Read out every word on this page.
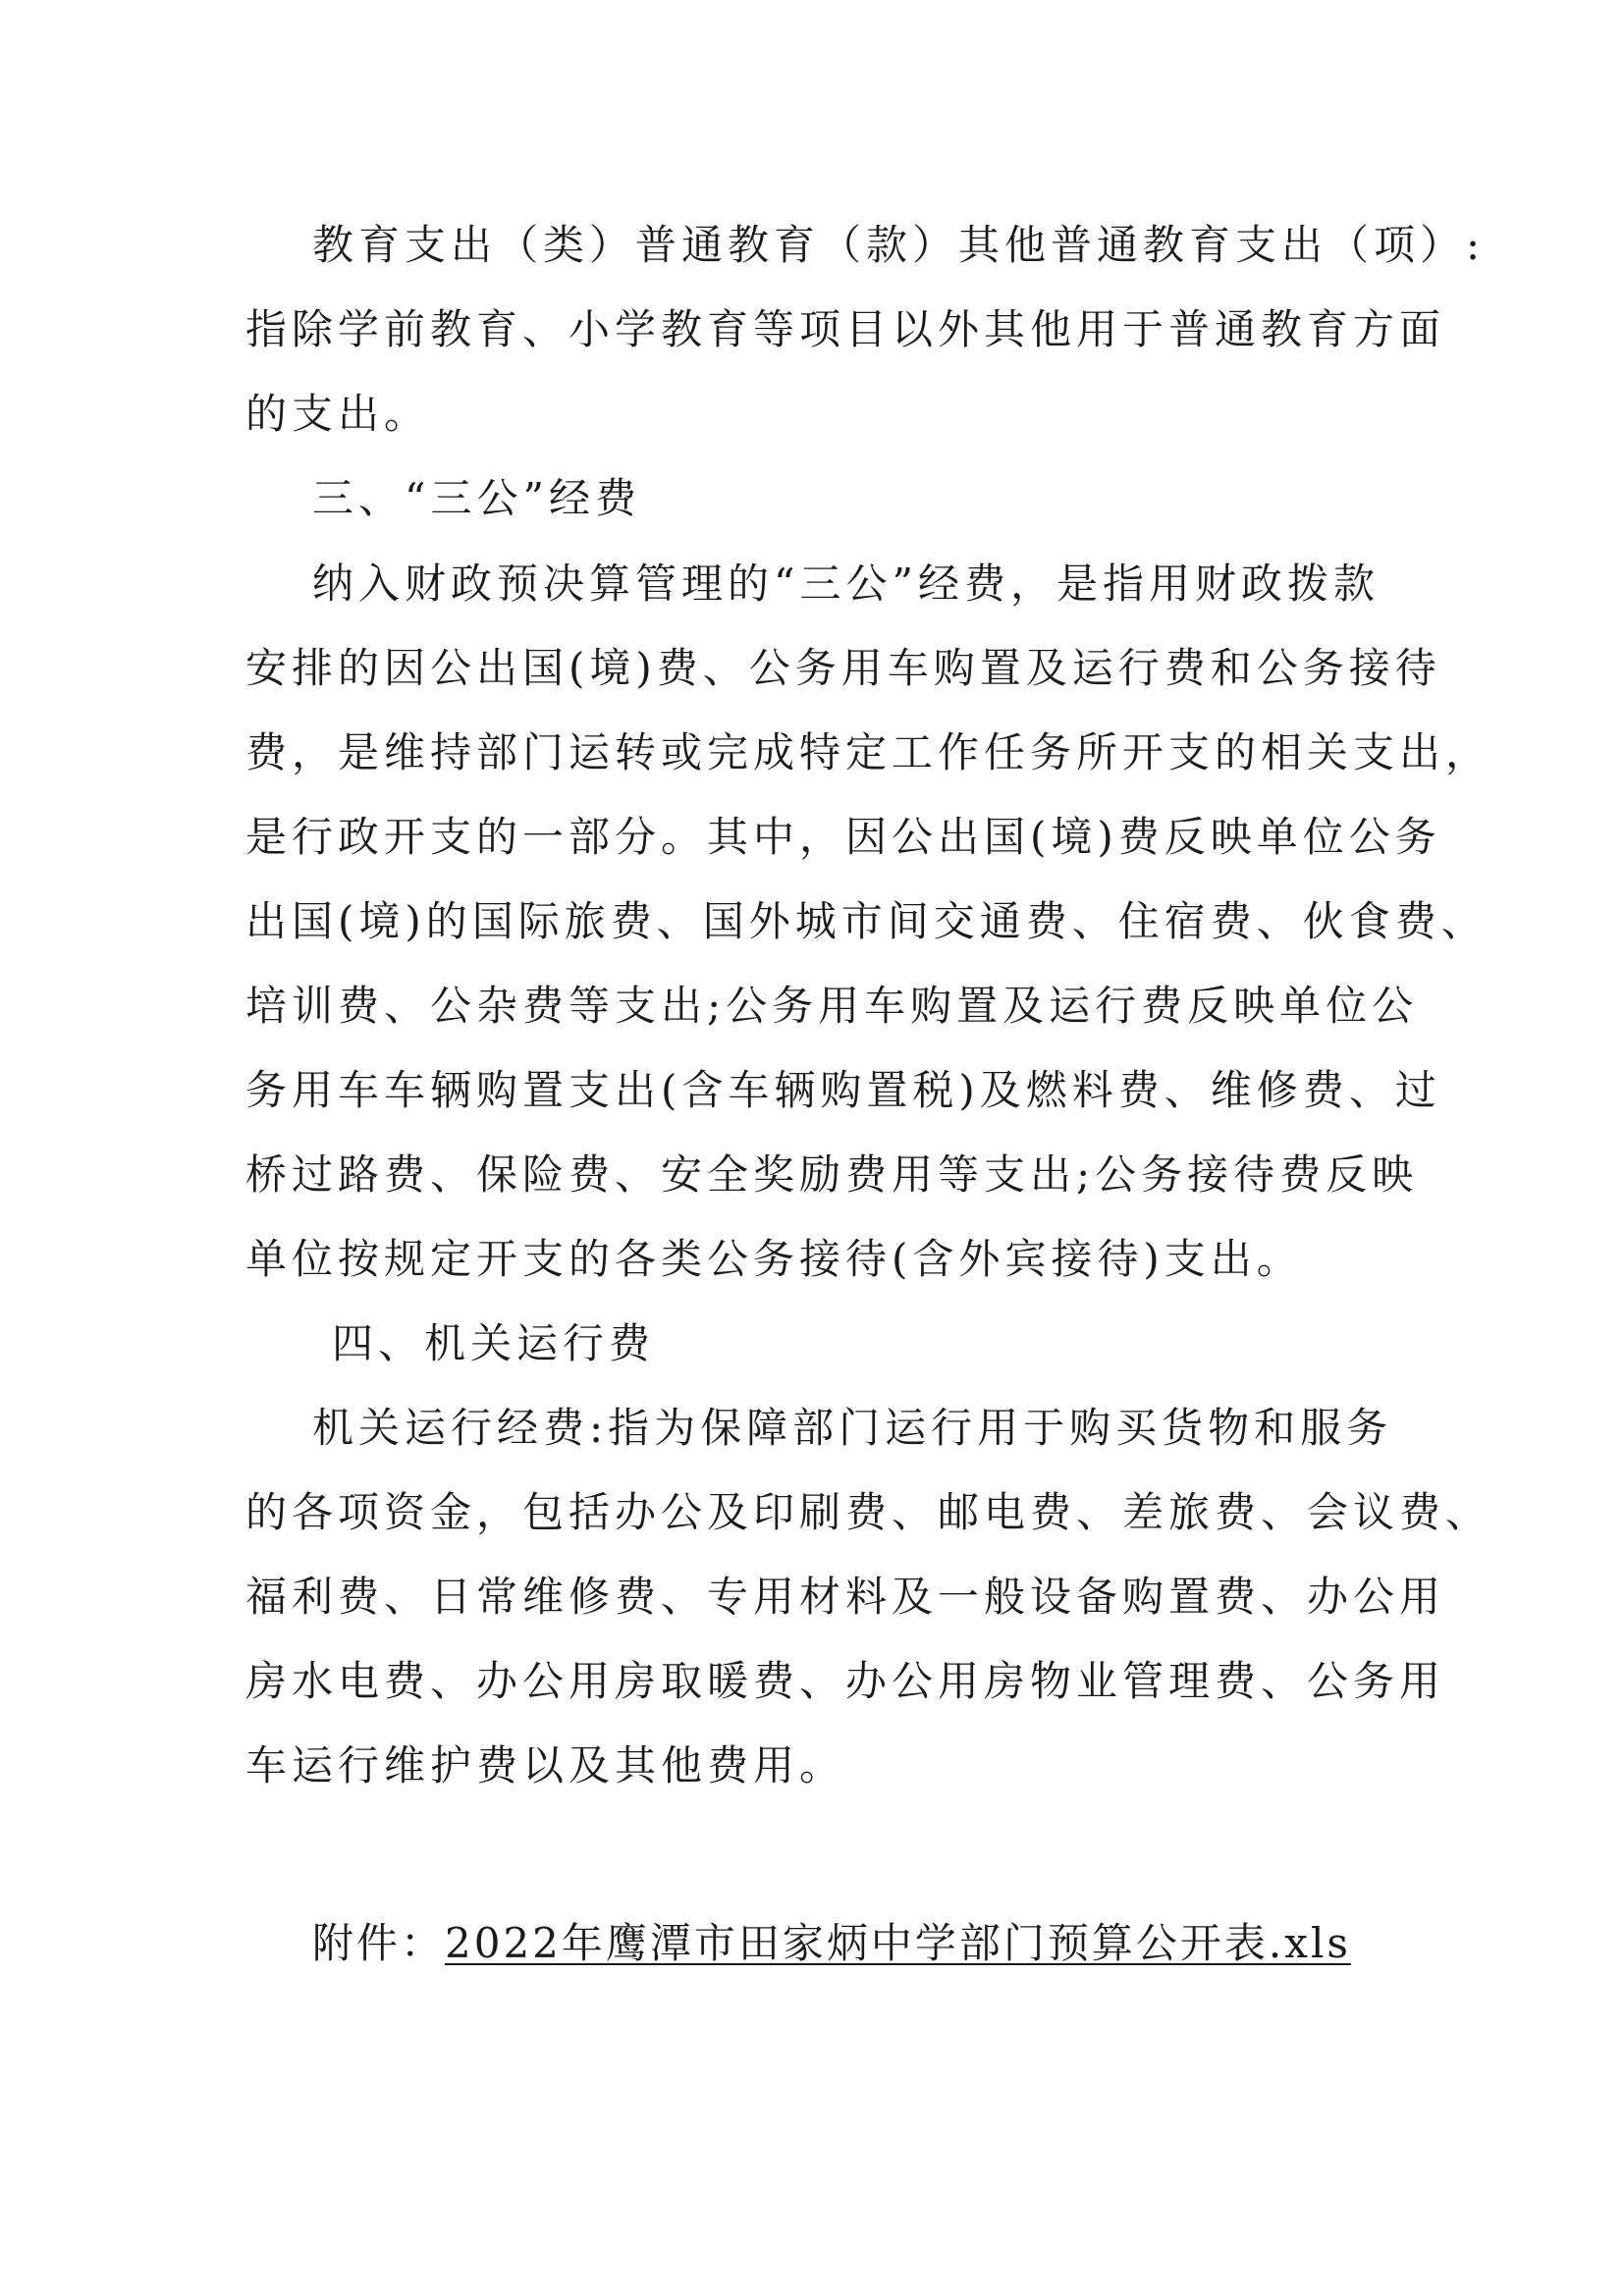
教育支出（类）普通教育（款）其他普通教育支出（项）:
指除学前教育、小学教育等项目以外其他用于普通教育方面
的支出。
三、“三公”经费
纳入财政预决算管理的“三公”经费，是指用财政拨款
安排的因公出国(境)费、公务用车购置及运行费和公务接待
费，是维持部门运转或完成特定工作任务所开支的相关支出，
是行政开支的一部分。其中，因公出国(境)费反映单位公务
出国(境)的国际旅费、国外城市间交通费、住宿费、伙食费、
培训费、公杂费等支出;公务用车购置及运行费反映单位公
务用车车辆购置支出(含车辆购置税)及燃料费、维修费、过
桥过路费、保险费、安全奖励费用等支出;公务接待费反映
单位按规定开支的各类公务接待(含外宾接待)支出。
四、机关运行费
机关运行经费:指为保障部门运行用于购买货物和服务
的各项资金，包括办公及印刷费、邮电费、差旅费、会议费、
福利费、日常维修费、专用材料及一般设备购置费、办公用
房水电费、办公用房取暖费、办公用房物业管理费、公务用
车运行维护费以及其他费用。
附件：2022年鹰潭市田家炳中学部门预算公开表.xls
